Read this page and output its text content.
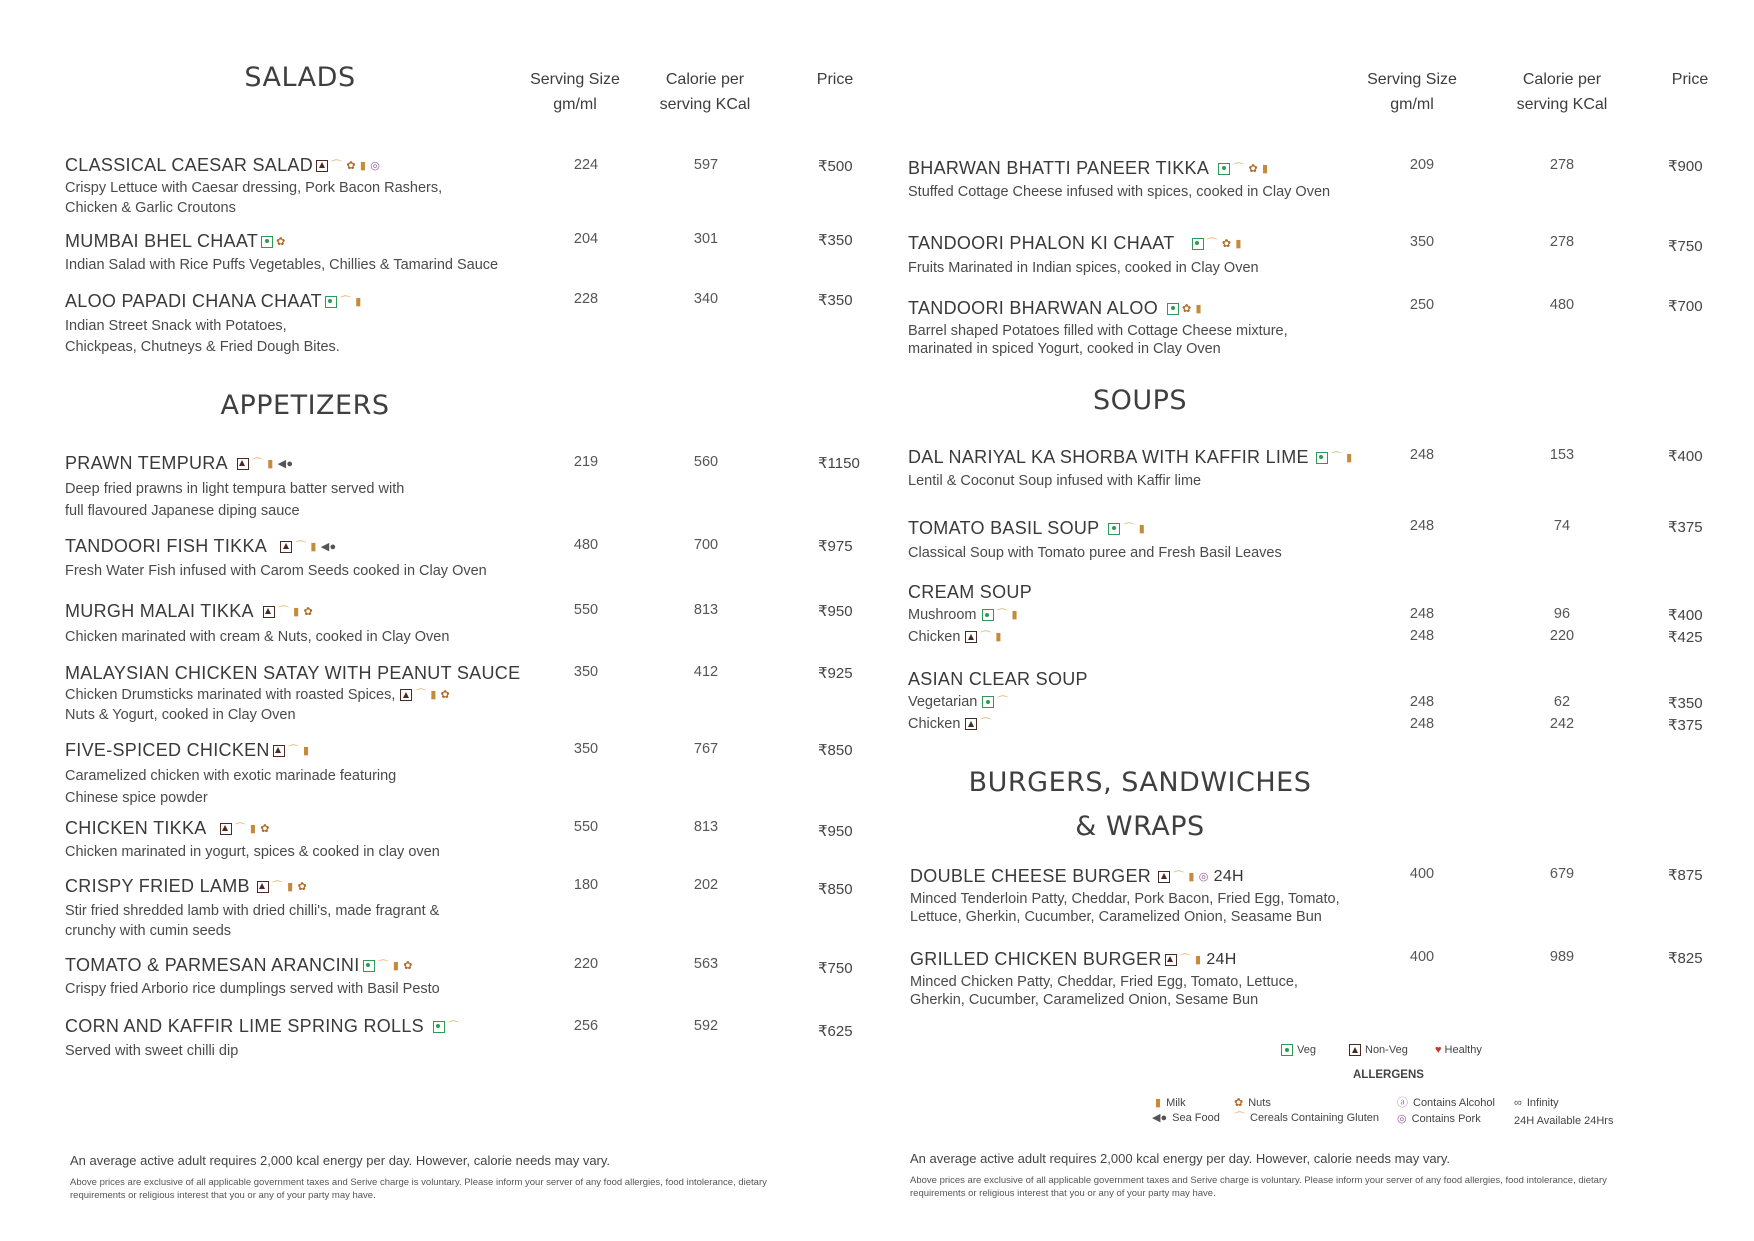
SALADS	Serving Size gm/ml
Calorie per serving KCal
Price	Serving Size gm/ml
Calorie per serving KCal
Price
CLASSICAL CAESAR SALAD ⌒ ✿ ▮ ◎
Crispy Lettuce with Caesar dressing, Pork Bacon Rashers, Chicken & Garlic Croutons
224	597	₹500
MUMBAI BHEL CHAAT ✿
Indian Salad with Rice Puffs Vegetables, Chillies & Tamarind Sauce
204	301	₹350
ALOO PAPADI CHANA CHAAT ⌒ ▮
Indian Street Snack with Potatoes, Chickpeas, Chutneys & Fried Dough Bites.
228	340	₹350
APPETIZERS
PRAWN TEMPURA ⌒ ▮ ◀●
Deep fried prawns in light tempura batter served with full flavoured Japanese diping sauce
219	560	₹1150
TANDOORI FISH TIKKA	⌒ ▮ ◀●
Fresh Water Fish infused with Carom Seeds cooked in Clay Oven
480	700	₹975
MURGH MALAI TIKKA ⌒ ▮ ✿
Chicken marinated with cream & Nuts, cooked in Clay Oven
550	813	₹950
MALAYSIAN CHICKEN SATAY WITH PEANUT SAUCE
Chicken Drumsticks marinated with roasted Spices, ⌒ ▮ ✿
Nuts & Yogurt, cooked in Clay Oven
350	412	₹925
FIVE-SPICED CHICKEN ⌒ ▮
Caramelized chicken with exotic marinade featuring Chinese spice powder
350	767	₹850
CHICKEN TIKKA	⌒ ▮ ✿
Chicken marinated in yogurt, spices & cooked in clay oven
550	813	₹950
CRISPY FRIED LAMB ⌒ ▮ ✿
Stir fried shredded lamb with dried chilli's, made fragrant & crunchy with cumin seeds
180	202	₹850
TOMATO & PARMESAN ARANCINI ⌒ ▮ ✿
Crispy fried Arborio rice dumplings served with Basil Pesto
220	563	₹750
CORN AND KAFFIR LIME SPRING ROLLS ⌒
Served with sweet chilli dip
256	592	₹625
An average active adult requires 2,000 kcal energy per day. However, calorie needs may vary.
Above prices are exclusive of all applicable government taxes and Serive charge is voluntary. Please inform your server of any food allergies, food intolerance, dietary requirements or religious interest that you or any of your party may have.
BHARWAN BHATTI PANEER TIKKA ⌒ ✿ ▮
Stuffed Cottage Cheese infused with spices, cooked in Clay Oven
209	278	₹900
TANDOORI PHALON KI CHAAT	⌒ ✿ ▮
Fruits Marinated in Indian spices, cooked in Clay Oven
350	278	₹750
TANDOORI BHARWAN ALOO ✿ ▮
Barrel shaped Potatoes filled with Cottage Cheese mixture, marinated in spiced Yogurt, cooked in Clay Oven
250	480	₹700
SOUPS
DAL NARIYAL KA SHORBA WITH KAFFIR LIME ⌒ ▮
Lentil & Coconut Soup infused with Kaffir lime
248	153	₹400
TOMATO BASIL SOUP ⌒ ▮
Classical Soup with Tomato puree and Fresh Basil Leaves
248	74	₹375
CREAM SOUP
Mushroom ⌒ ▮
Chicken ⌒ ▮
248	96	₹400
248	220	₹425
ASIAN CLEAR SOUP
Vegetarian ⌒
Chicken ⌒
248	62	₹350
248	242	₹375
BURGERS, SANDWICHES
& WRAPS
DOUBLE CHEESE BURGER ⌒ ▮ ◎ 24H
Minced Tenderloin Patty, Cheddar, Pork Bacon, Fried Egg, Tomato, Lettuce, Gherkin, Cucumber, Caramelized Onion, Seasame Bun
400	679	₹875
GRILLED CHICKEN BURGER ⌒ ▮ 24H
Minced Chicken Patty, Cheddar, Fried Egg, Tomato, Lettuce, Gherkin, Cucumber, Caramelized Onion, Sesame Bun
400	989	₹825
Veg	Non-Veg ♥ Healthy
ALLERGENS
▮ Milk
◀● Sea Food
✿ Nuts
⌒ Cereals Containing Gluten
ⓐ Contains Alcohol
◎ Contains Pork
∞ Infinity
24H Available 24Hrs
An average active adult requires 2,000 kcal energy per day. However, calorie needs may vary.
Above prices are exclusive of all applicable government taxes and Serive charge is voluntary. Please inform your server of any food allergies, food intolerance, dietary requirements or religious interest that you or any of your party may have.
